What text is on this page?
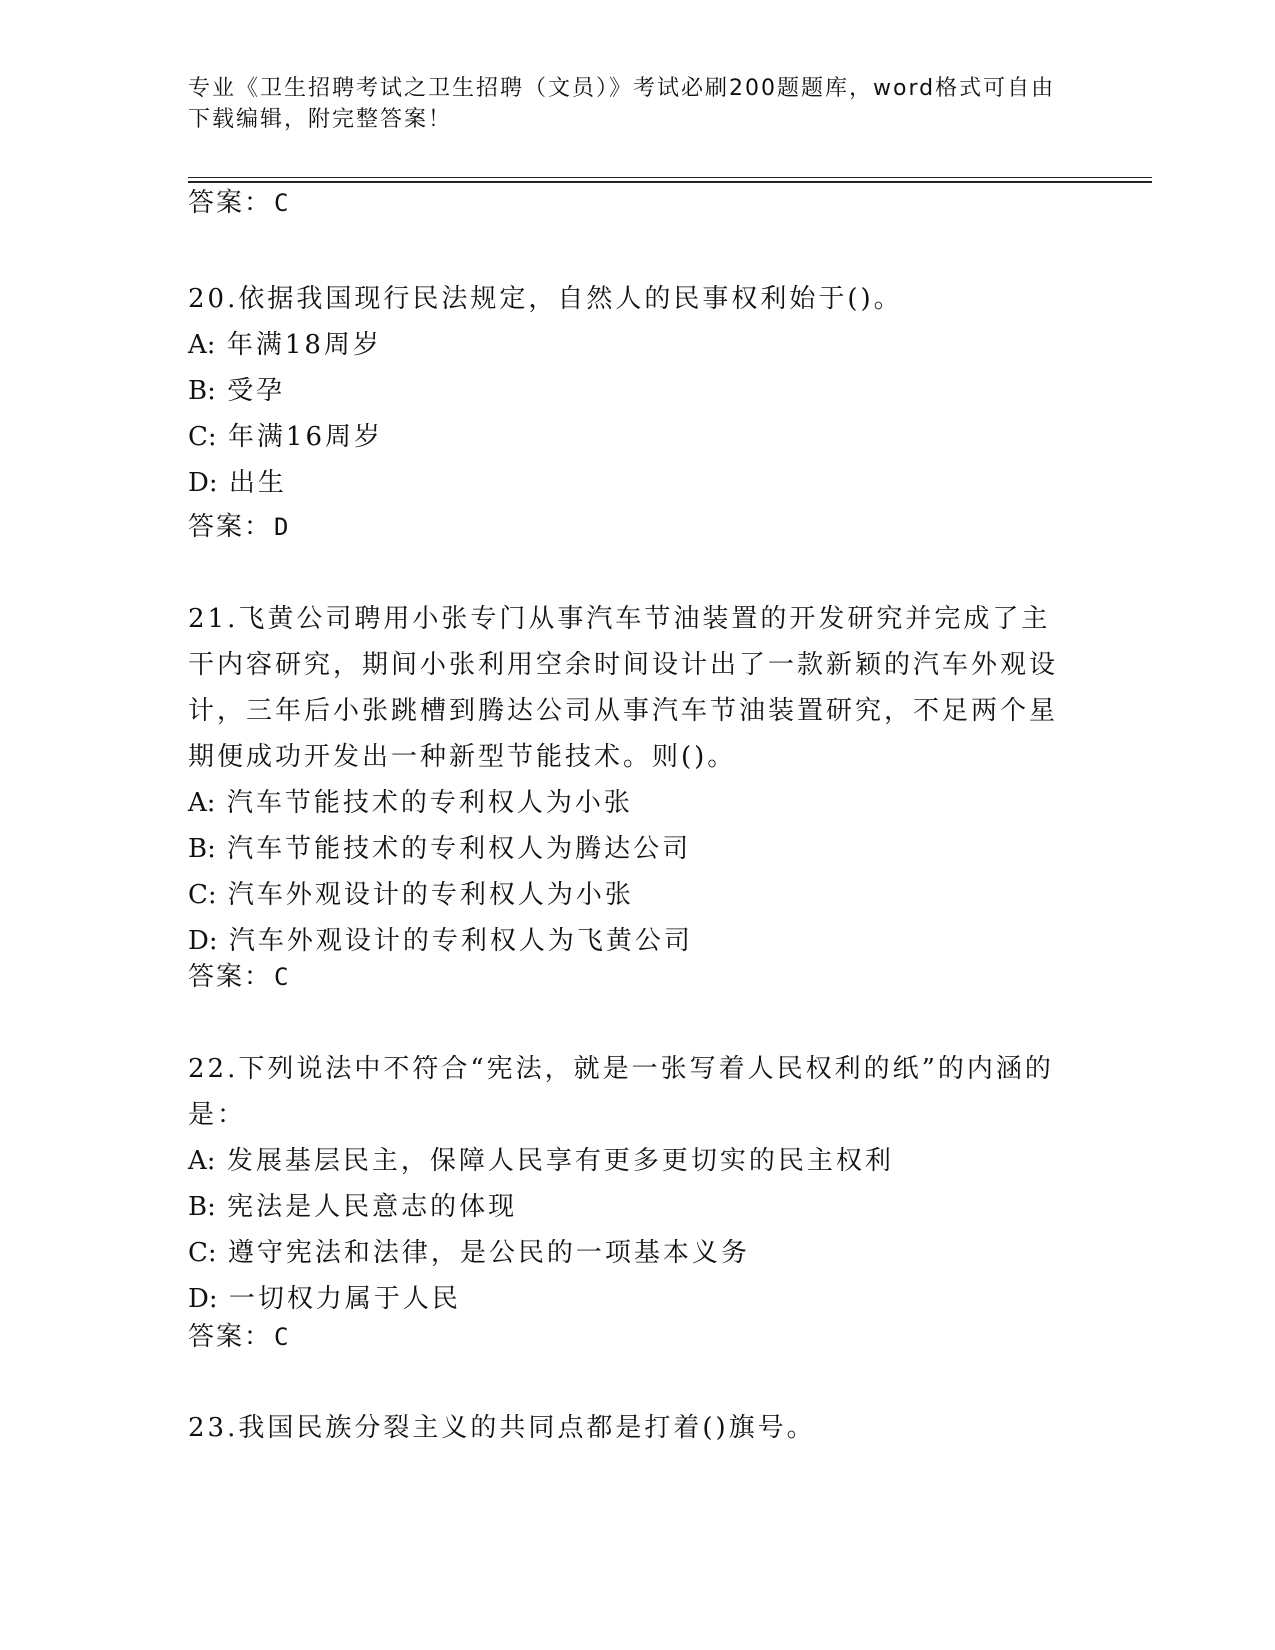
专业《卫生招聘考试之卫生招聘（文员）》考试必刷200题题库，word格式可自由下载编辑，附完整答案！
答案：C

20.依据我国现行民法规定，自然人的民事权利始于()。

A: 年满18周岁

B: 受孕

C: 年满16周岁

D: 出生

答案：D

21.飞黄公司聘用小张专门从事汽车节油装置的开发研究并完成了主干内容研究，期间小张利用空余时间设计出了一款新颖的汽车外观设计，三年后小张跳槽到腾达公司从事汽车节油装置研究，不足两个星期便成功开发出一种新型节能技术。则()。

A: 汽车节能技术的专利权人为小张

B: 汽车节能技术的专利权人为腾达公司

C: 汽车外观设计的专利权人为小张

D: 汽车外观设计的专利权人为飞黄公司

答案：C

22.下列说法中不符合“宪法，就是一张写着人民权利的纸”的内涵的是：

A: 发展基层民主，保障人民享有更多更切实的民主权利

B: 宪法是人民意志的体现

C: 遵守宪法和法律，是公民的一项基本义务

D: 一切权力属于人民

答案：C

23.我国民族分裂主义的共同点都是打着()旗号。
